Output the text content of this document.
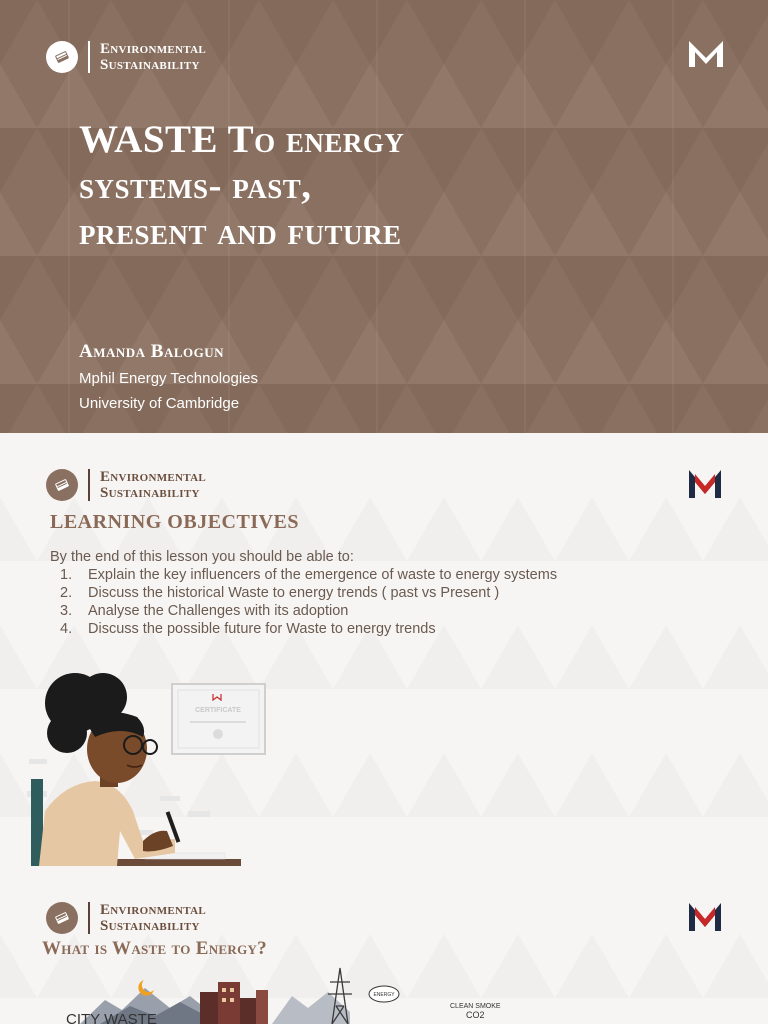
Environmental
Sustainability
WASTE To energy
systems- past,
present and future
Amanda Balogun
Mphil Energy Technologies
University of Cambridge
Environmental
Sustainability
LEARNING OBJECTIVES
By the end of this lesson you should be able to:
1.	Explain the key influencers of the emergence of waste to energy systems
2.	Discuss the historical Waste to energy trends ( past vs Present )
3.	Analyse the Challenges with its adoption
4.	Discuss the possible future for Waste to energy trends
CERTIFICATE
Environmental
Sustainability
What is Waste to Energy?
ENERGY
CITY WASTE
CLEAN SMOKE
CO2
